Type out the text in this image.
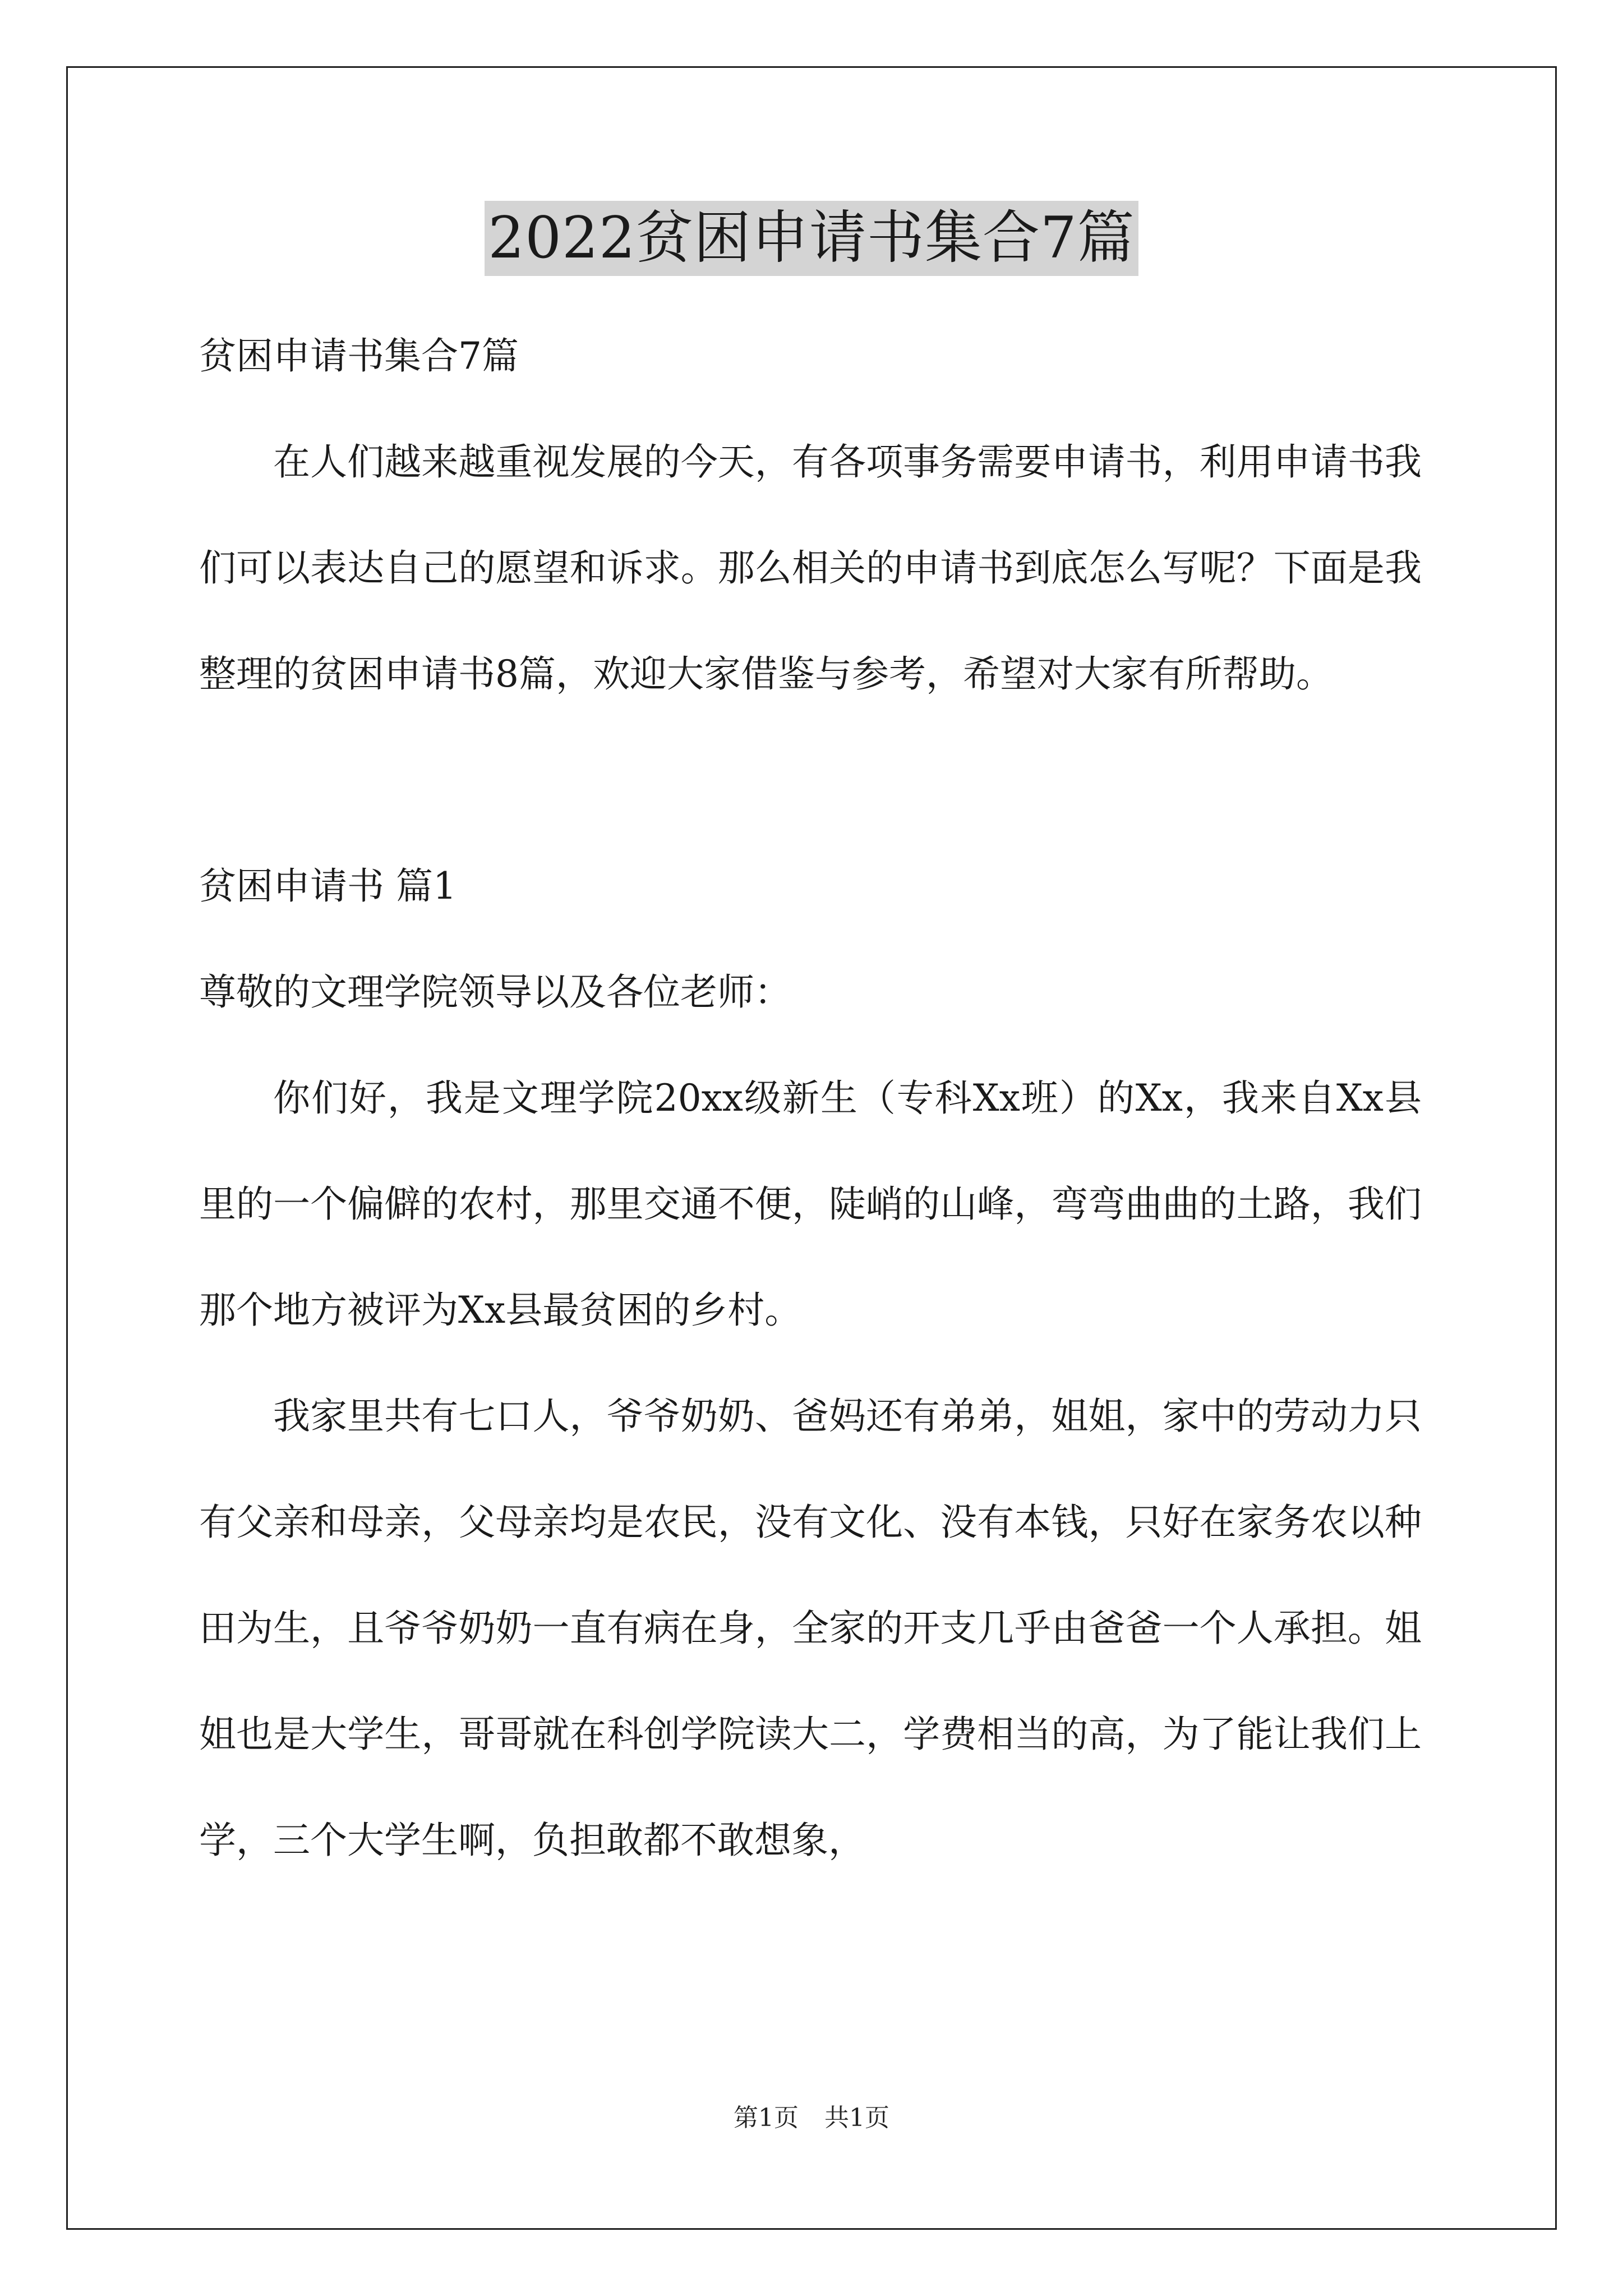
2022贫困申请书集合7篇

贫困申请书集合7篇

在人们越来越重视发展的今天，有各项事务需要申请书，利用申请书我们可以表达自己的愿望和诉求。那么相关的申请书到底怎么写呢？下面是我整理的贫困申请书8篇，欢迎大家借鉴与参考，希望对大家有所帮助。

贫困申请书 篇1

尊敬的文理学院领导以及各位老师：

你们好，我是文理学院20xx级新生（专科Xx班）的Xx，我来自Xx县里的一个偏僻的农村，那里交通不便，陡峭的山峰，弯弯曲曲的土路，我们那个地方被评为Xx县最贫困的乡村。

我家里共有七口人，爷爷奶奶、爸妈还有弟弟，姐姐，家中的劳动力只有父亲和母亲，父母亲均是农民，没有文化、没有本钱，只好在家务农以种田为生，且爷爷奶奶一直有病在身，全家的开支几乎由爸爸一个人承担。姐姐也是大学生，哥哥就在科创学院读大二，学费相当的高，为了能让我们上学，三个大学生啊，负担敢都不敢想象，

第1页 共1页
